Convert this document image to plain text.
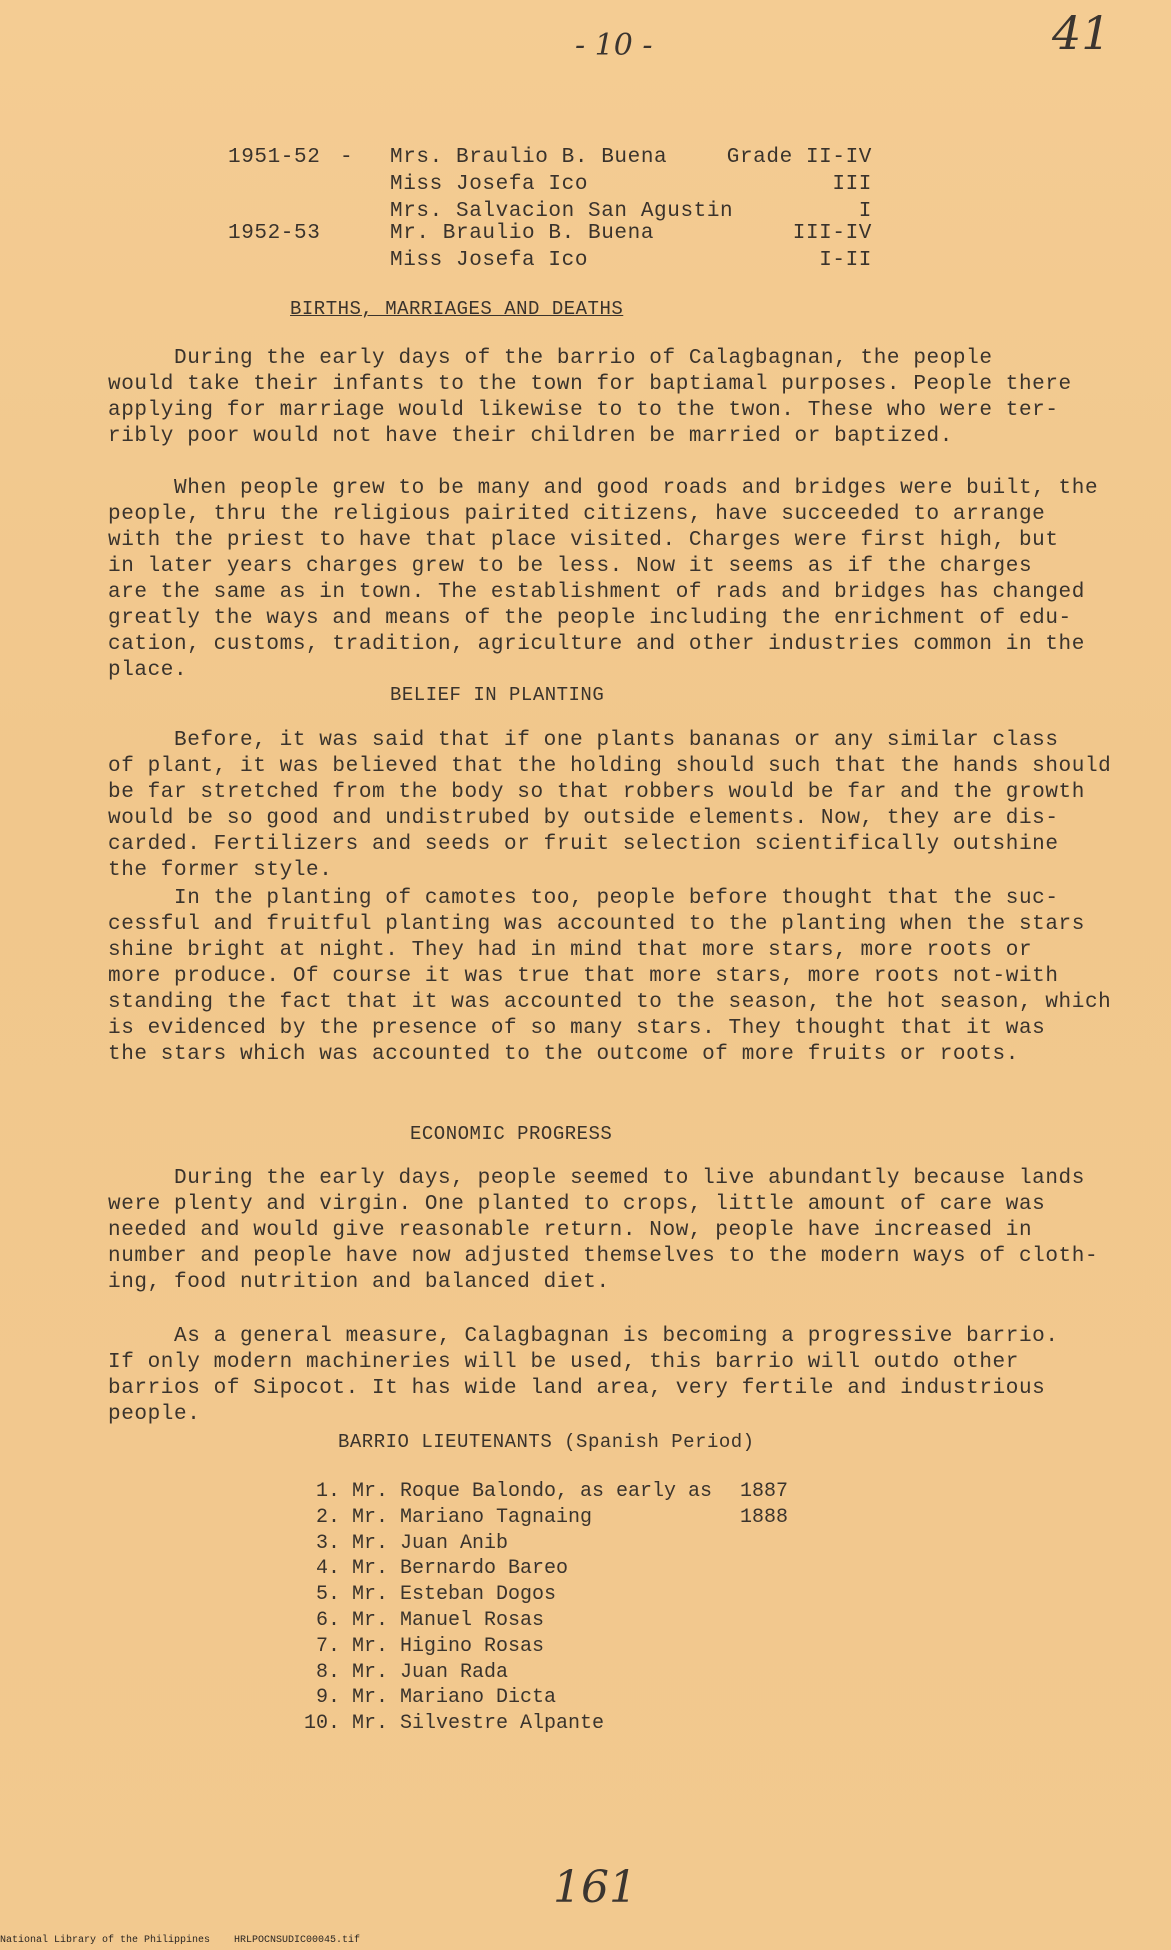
- 10 -	41
161
1951-52 - Mrs. Braulio B. Buena	Grade II-IV
Miss Josefa Ico	III
Mrs. Salvacion San Agustin	I
1952-53	Mr. Braulio B. Buena	III-IV
Miss Josefa Ico	I-II
BIRTHS, MARRIAGES AND DEATHS
During the early days of the barrio of Calagbagnan, the people
would take their infants to the town for baptiamal purposes. People there
applying for marriage would likewise to to the twon. These who were ter-
ribly poor would not have their children be married or baptized.
When people grew to be many and good roads and bridges were built, the
people, thru the religious pairited citizens, have succeeded to arrange
with the priest to have that place visited. Charges were first high, but
in later years charges grew to be less. Now it seems as if the charges
are the same as in town. The establishment of rads and bridges has changed
greatly the ways and means of the people including the enrichment of edu-
cation, customs, tradition, agriculture and other industries common in the
place.
BELIEF IN PLANTING
Before, it was said that if one plants bananas or any similar class
of plant, it was believed that the holding should such that the hands should
be far stretched from the body so that robbers would be far and the growth
would be so good and undistrubed by outside elements. Now, they are dis-
carded. Fertilizers and seeds or fruit selection scientifically outshine
the former style.
In the planting of camotes too, people before thought that the suc-
cessful and fruitful planting was accounted to the planting when the stars
shine bright at night. They had in mind that more stars, more roots or
more produce. Of course it was true that more stars, more roots not-with
standing the fact that it was accounted to the season, the hot season, which
is evidenced by the presence of so many stars. They thought that it was
the stars which was accounted to the outcome of more fruits or roots.
ECONOMIC PROGRESS
During the early days, people seemed to live abundantly because lands
were plenty and virgin. One planted to crops, little amount of care was
needed and would give reasonable return. Now, people have increased in
number and people have now adjusted themselves to the modern ways of cloth-
ing, food nutrition and balanced diet.
As a general measure, Calagbagnan is becoming a progressive barrio.
If only modern machineries will be used, this barrio will outdo other
barrios of Sipocot. It has wide land area, very fertile and industrious
people.
BARRIO LIEUTENANTS (Spanish Period)
1. Mr. Roque Balondo, as early as 1887
2. Mr. Mariano Tagnaing	1888
3. Mr. Juan Anib
4. Mr. Bernardo Bareo
5. Mr. Esteban Dogos
6. Mr. Manuel Rosas
7. Mr. Higino Rosas
8. Mr. Juan Rada
9. Mr. Mariano Dicta
10. Mr. Silvestre Alpante
National Library of the Philippines    HRLPOCNSUDIC00045.tif
